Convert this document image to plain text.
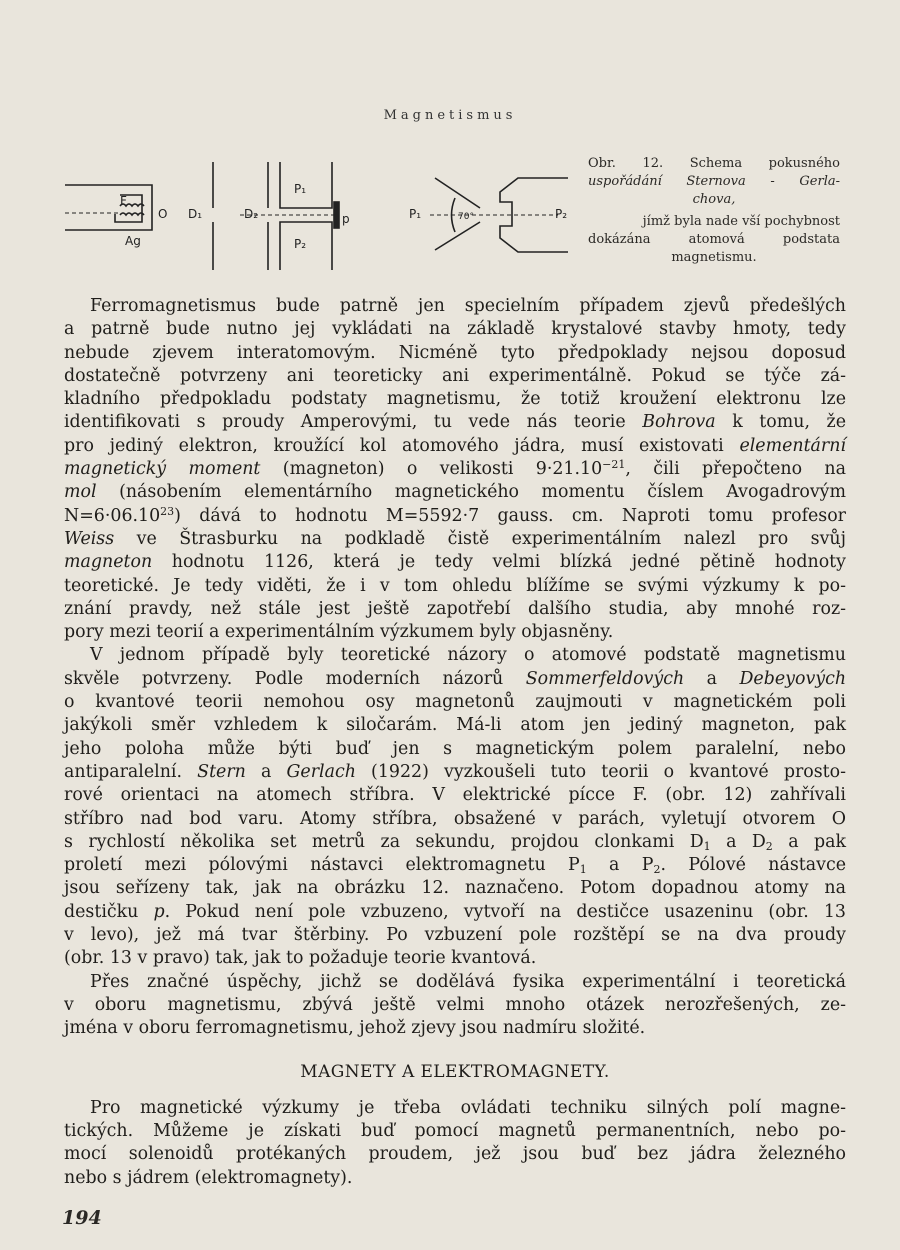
Magnetismus
F
Ag
O D₁	D₂
P₁
P₂
p	P₁	70°	P₂
Obr. 12. Schema pokusného
uspořádání Sternova - Gerla-
chova,
jímž byla nade vší pochybnost
dokázána atomová podstata
magnetismu.
Ferromagnetismus bude patrně jen specielním případem zjevů předešlých
a patrně bude nutno jej vykládati na základě krystalové stavby hmoty, tedy
nebude zjevem interatomovým. Nicméně tyto předpoklady nejsou doposud
dostatečně potvrzeny ani teoreticky ani experimentálně. Pokud se týče zá-
kladního předpokladu podstaty magnetismu, že totiž kroužení elektronu lze
identifikovati s proudy Amperovými, tu vede nás teorie Bohrova k tomu, že
pro jediný elektron, kroužící kol atomového jádra, musí existovati elementární
magnetický moment (magneton) o velikosti $9\cdot 21.10^{-21}$, čili přepočteno na
mol (násobením elementárního magnetického momentu číslem Avogadrovým
$N=6\cdot 06.10^{23}$) dává to hodnotu M=5592·7 gauss. cm. Naproti tomu profesor
Weiss ve Štrasburku na podkladě čistě experimentálním nalezl pro svůj
magneton hodnotu 1126, která je tedy velmi blízká jedné pětině hodnoty
teoretické. Je tedy viděti, že i v tom ohledu blížíme se svými výzkumy k po-
znání pravdy, než stále jest ještě zapotřebí dalšího studia, aby mnohé roz-
pory mezi teorií a experimentálním výzkumem byly objasněny.
V jednom případě byly teoretické názory o atomové podstatě magnetismu
skvěle potvrzeny. Podle moderních názorů Sommerfeldových a Debeyových
o kvantové teorii nemohou osy magnetonů zaujmouti v magnetickém poli
jakýkoli směr vzhledem k siločarám. Má-li atom jen jediný magneton, pak
jeho poloha může býti buď jen s magnetickým polem paralelní, nebo
antiparalelní. Stern a Gerlach (1922) vyzkoušeli tuto teorii o kvantové prosto-
rové orientaci na atomech stříbra. V elektrické pícce F. (obr. 12) zahřívali
stříbro nad bod varu. Atomy stříbra, obsažené v parách, vyletují otvorem O
s rychlostí několika set metrů za sekundu, projdou clonkami $D_1$ a $D_2$ a pak
proletí mezi pólovými nástavci elektromagnetu $P_1$ a $P_2$. Pólové nástavce
jsou seřízeny tak, jak na obrázku 12. naznačeno. Potom dopadnou atomy na
destičku p. Pokud není pole vzbuzeno, vytvoří na destičce usazeninu (obr. 13
v levo), jež má tvar štěrbiny. Po vzbuzení pole rozštěpí se na dva proudy
(obr. 13 v pravo) tak, jak to požaduje teorie kvantová.
Přes značné úspěchy, jichž se dodělává fysika experimentální i teoretická
v oboru magnetismu, zbývá ještě velmi mnoho otázek nerozřešených, ze-
jména v oboru ferromagnetismu, jehož zjevy jsou nadmíru složité.
MAGNETY A ELEKTROMAGNETY.
Pro magnetické výzkumy je třeba ovládati techniku silných polí magne-
tických. Můžeme je získati buď pomocí magnetů permanentních, nebo po-
mocí solenoidů protékaných proudem, jež jsou buď bez jádra železného
nebo s jádrem (elektromagnety).
194
